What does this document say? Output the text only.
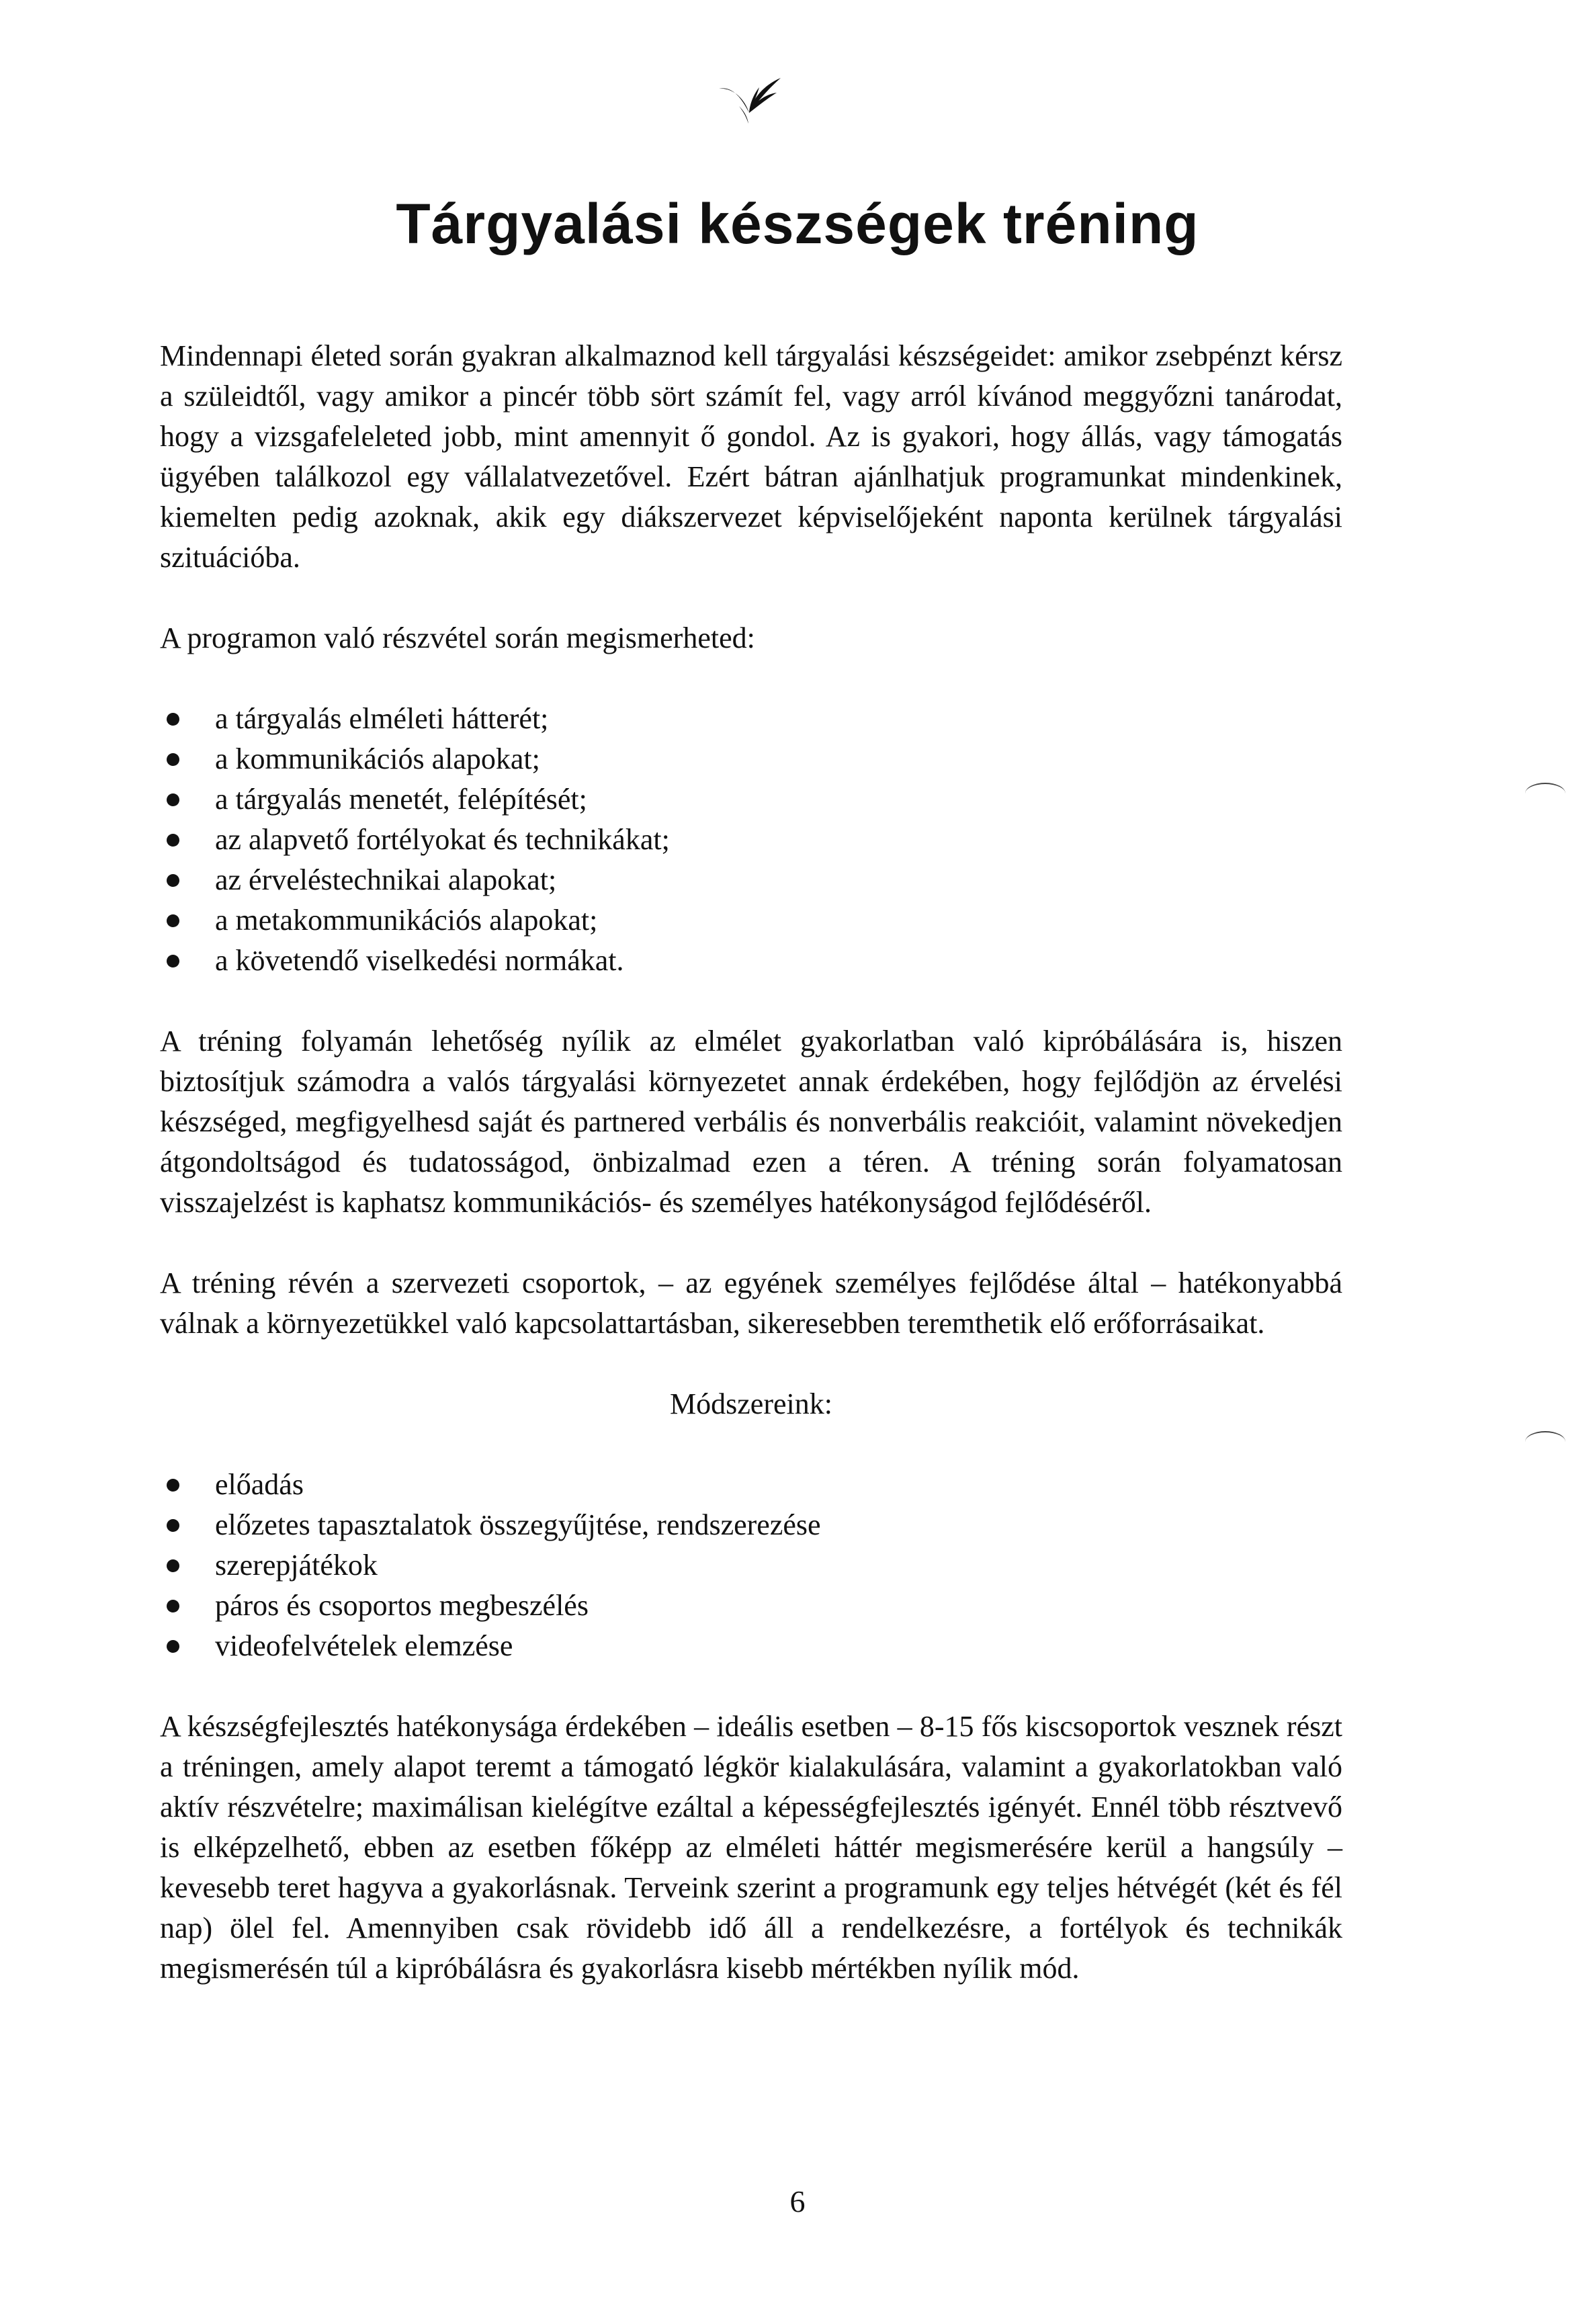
Tárgyalási készségek tréning

Mindennapi életed során gyakran alkalmaznod kell tárgyalási készségeidet: amikor zsebpénzt kérsz a szüleidtől, vagy amikor a pincér több sört számít fel, vagy arról kívánod meggyőzni tanárodat, hogy a vizsgafeleleted jobb, mint amennyit ő gondol. Az is gyakori, hogy állás, vagy támogatás ügyében találkozol egy vállalatvezetővel. Ezért bátran ajánlhatjuk programunkat mindenkinek, kiemelten pedig azoknak, akik egy diákszervezet képviselőjeként naponta kerülnek tárgyalási szituációba.

A programon való részvétel során megismerheted:

a tárgyalás elméleti hátterét;
a kommunikációs alapokat;
a tárgyalás menetét, felépítését;
az alapvető fortélyokat és technikákat;
az érveléstechnikai alapokat;
a metakommunikációs alapokat;
a követendő viselkedési normákat.

A tréning folyamán lehetőség nyílik az elmélet gyakorlatban való kipróbálására is, hiszen biztosítjuk számodra a valós tárgyalási környezetet annak érdekében, hogy fejlődjön az érvelési készséged, megfigyelhesd saját és partnered verbális és nonverbális reakcióit, valamint növekedjen átgondoltságod és tudatosságod, önbizalmad ezen a téren. A tréning során folyamatosan visszajelzést is kaphatsz kommunikációs- és személyes hatékonyságod fejlődéséről.

A tréning révén a szervezeti csoportok, – az egyének személyes fejlődése által – hatékonyabbá válnak a környezetükkel való kapcsolattartásban, sikeresebben teremthetik elő erőforrásaikat.

Módszereink:

előadás
előzetes tapasztalatok összegyűjtése, rendszerezése
szerepjátékok
páros és csoportos megbeszélés
videofelvételek elemzése

A készségfejlesztés hatékonysága érdekében – ideális esetben – 8-15 fős kiscsoportok vesznek részt a tréningen, amely alapot teremt a támogató légkör kialakulására, valamint a gyakorlatokban való aktív részvételre; maximálisan kielégítve ezáltal a képességfejlesztés igényét. Ennél több résztvevő is elképzelhető, ebben az esetben főképp az elméleti háttér megismerésére kerül a hangsúly – kevesebb teret hagyva a gyakorlásnak. Terveink szerint a programunk egy teljes hétvégét (két és fél nap) ölel fel. Amennyiben csak rövidebb idő áll a rendelkezésre, a fortélyok és technikák megismerésén túl a kipróbálásra és gyakorlásra kisebb mértékben nyílik mód.

6
